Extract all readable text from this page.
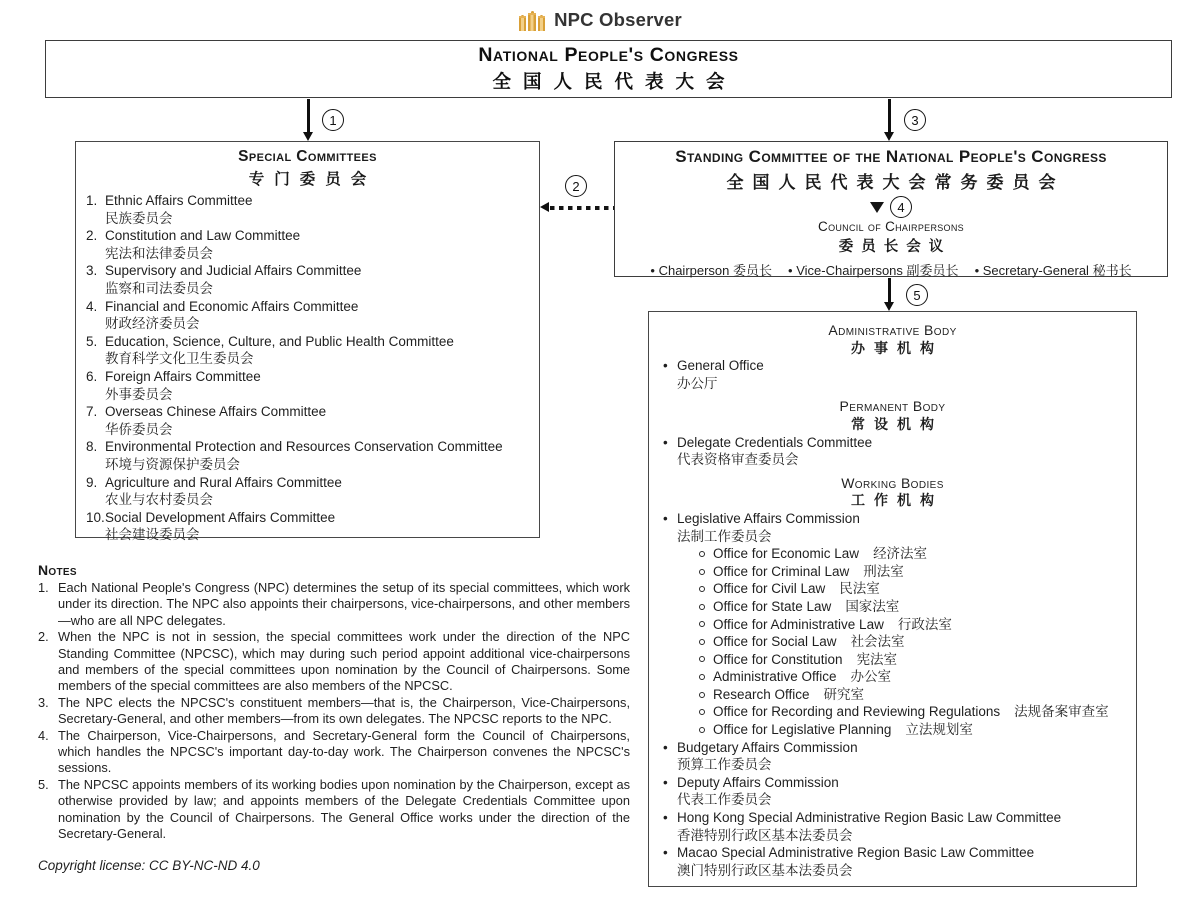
NPC Observer
National People's Congress
全国人民代表大会
1	3
2
Special Committees
专门委员会
1. Ethnic Affairs Committee
民族委员会
2. Constitution and Law Committee
宪法和法律委员会
3. Supervisory and Judicial Affairs Committee
监察和司法委员会
4. Financial and Economic Affairs Committee
财政经济委员会
5. Education, Science, Culture, and Public Health Committee
教育科学文化卫生委员会
6. Foreign Affairs Committee
外事委员会
7. Overseas Chinese Affairs Committee
华侨委员会
8. Environmental Protection and Resources Conservation Committee
环境与资源保护委员会
9. Agriculture and Rural Affairs Committee
农业与农村委员会
10. Social Development Affairs Committee
社会建设委员会
Standing Committee of the National People's Congress
全国人民代表大会常务委员会
4
Council of Chairpersons
委员长会议
• Chairperson 委员长	• Vice-Chairpersons 副委员长	• Secretary-General 秘书长
5
Administrative Body
办事机构
• General Office
办公厅
Permanent Body
常设机构
• Delegate Credentials Committee
代表资格审查委员会
Working Bodies
工作机构
• Legislative Affairs Commission
法制工作委员会
Office for Economic Law 经济法室
Office for Criminal Law 刑法室
Office for Civil Law 民法室
Office for State Law 国家法室
Office for Administrative Law 行政法室
Office for Social Law 社会法室
Office for Constitution 宪法室
Administrative Office 办公室
Research Office 研究室
Office for Recording and Reviewing Regulations 法规备案审查室
Office for Legislative Planning 立法规划室
• Budgetary Affairs Commission
预算工作委员会
• Deputy Affairs Commission
代表工作委员会
• Hong Kong Special Administrative Region Basic Law Committee
香港特别行政区基本法委员会
• Macao Special Administrative Region Basic Law Committee
澳门特别行政区基本法委员会
Notes
1. Each National People's Congress (NPC) determines the setup of its special committees, which work under its direction. The NPC also appoints their chairpersons, vice-chairpersons, and other members—who are all NPC delegates.
2. When the NPC is not in session, the special committees work under the direction of the NPC Standing Committee (NPCSC), which may during such period appoint additional vice-chairpersons and members of the special committees upon nomination by the Council of Chairpersons. Some members of the special committees are also members of the NPCSC.
3. The NPC elects the NPCSC's constituent members—that is, the Chairperson, Vice-Chairpersons, Secretary-General, and other members—from its own delegates. The NPCSC reports to the NPC.
4. The Chairperson, Vice-Chairpersons, and Secretary-General form the Council of Chairpersons, which handles the NPCSC's important day-to-day work. The Chairperson convenes the NPCSC's sessions.
5. The NPCSC appoints members of its working bodies upon nomination by the Chairperson, except as otherwise provided by law; and appoints members of the Delegate Credentials Committee upon nomination by the Council of Chairpersons. The General Office works under the direction of the Secretary-General.
Copyright license: CC BY-NC-ND 4.0
